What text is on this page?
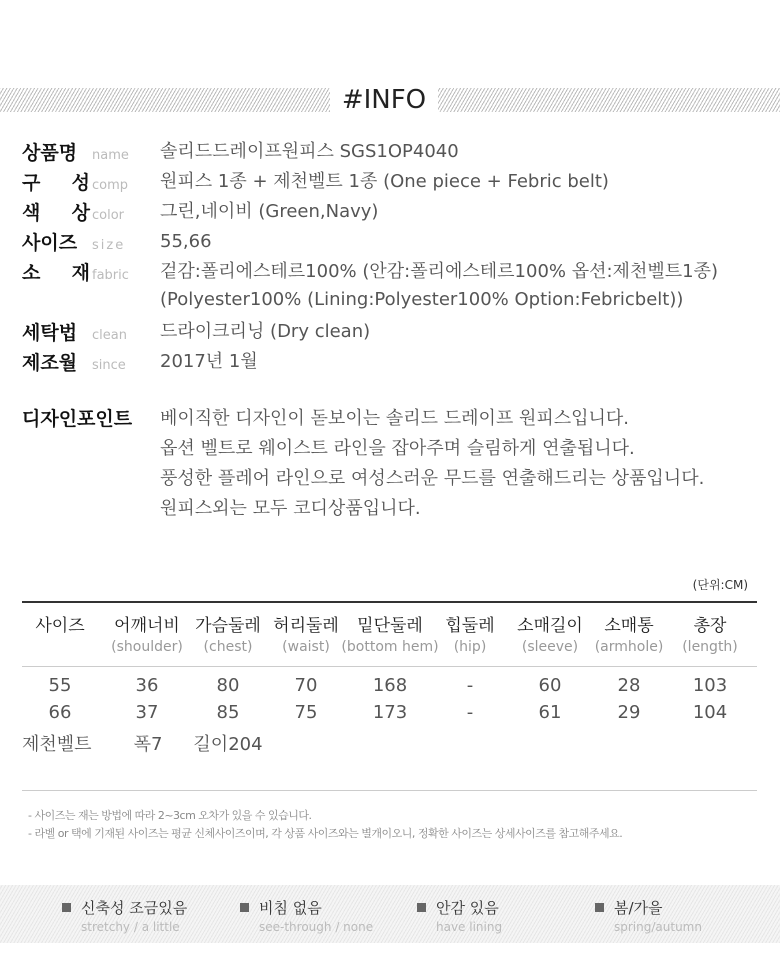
#INFO
상품명	name 솔리드드레이프원피스 SGS1OP4040
구 성 comp 원피스 1종 + 제천벨트 1종 (One piece + Febric belt)
색 상 color 그린,네이비 (Green,Navy)
사이즈	size 55,66
소 재 fabric 겉감:폴리에스테르100% (안감:폴리에스테르100% 옵션:제천벨트1종)
(Polyester100% (Lining:Polyester100% Option:Febricbelt))
세탁법	clean 드라이크리닝 (Dry clean)
제조월	since 2017년 1월
디자인포인트	베이직한 디자인이 돋보이는 솔리드 드레이프 원피스입니다.
옵션 벨트로 웨이스트 라인을 잡아주며 슬림하게 연출됩니다.
풍성한 플레어 라인으로 여성스러운 무드를 연출해드리는 상품입니다.
원피스외는 모두 코디상품입니다.
(단위:CM)
사이즈	어깨너비 가슴둘레 허리둘레	밑단둘레	힙둘레	소매길이	소매통	총장
(shoulder)	(chest)	(waist) (bottom hem)	(hip)	(sleeve)	(armhole)	(length)
55	36	80	70	168	-	60	28	103
66	37	85	75	173	-	61	29	104
제천벨트	폭7	길이204
- 사이즈는 재는 방법에 따라 2~3cm 오차가 있을 수 있습니다.
- 라벨 or 택에 기재된 사이즈는 평균 신체사이즈이며, 각 상품 사이즈와는 별개이오니, 정확한 사이즈는 상세사이즈를 참고해주세요.
신축성 조금있음
stretchy / a little
비침 없음
see-through / none
안감 있음
have lining
봄/가을
spring/autumn
